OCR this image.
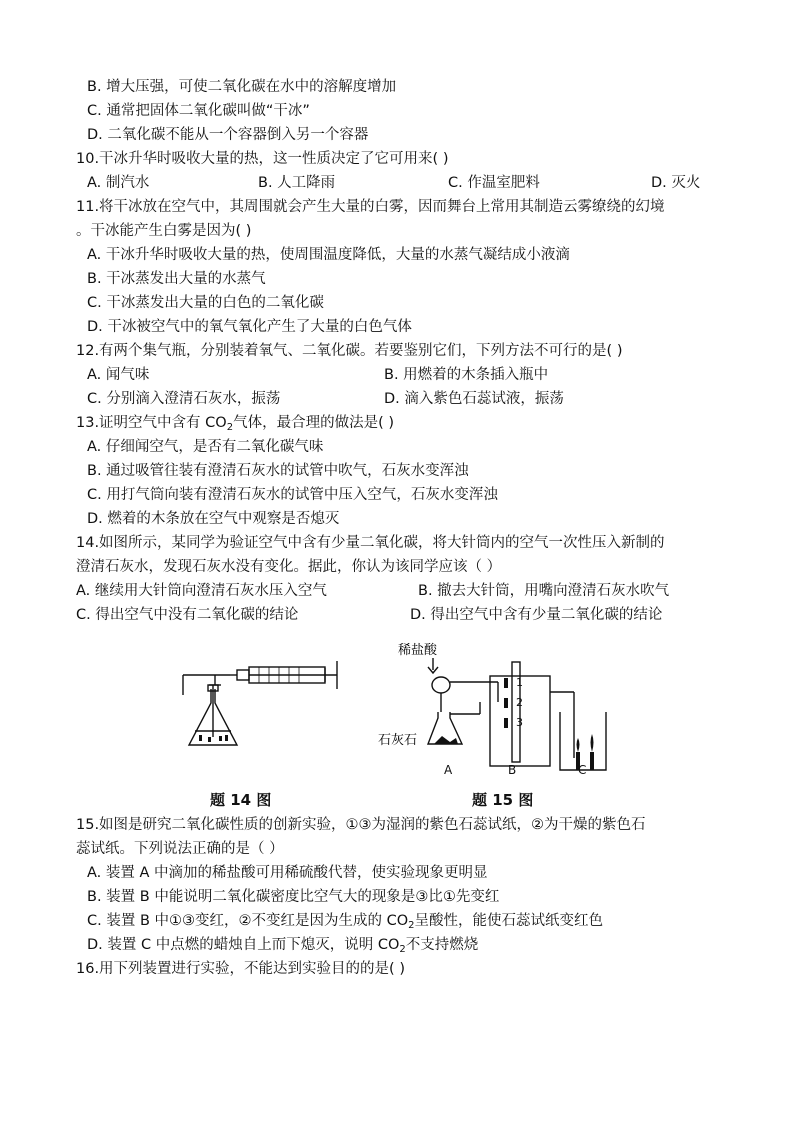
B. 增大压强，可使二氧化碳在水中的溶解度增加
C. 通常把固体二氧化碳叫做“干冰”
D. 二氧化碳不能从一个容器倒入另一个容器
10.干冰升华时吸收大量的热，这一性质决定了它可用来( )
A. 制汽水	B. 人工降雨	C. 作温室肥料	D. 灭火
11.将干冰放在空气中，其周围就会产生大量的白雾，因而舞台上常用其制造云雾缭绕的幻境
。干冰能产生白雾是因为( )
A. 干冰升华时吸收大量的热，使周围温度降低，大量的水蒸气凝结成小液滴
B. 干冰蒸发出大量的水蒸气
C. 干冰蒸发出大量的白色的二氧化碳
D. 干冰被空气中的氧气氧化产生了大量的白色气体
12.有两个集气瓶，分别装着氧气、二氧化碳。若要鉴别它们，下列方法不可行的是( )
A. 闻气味	B. 用燃着的木条插入瓶中
C. 分别滴入澄清石灰水，振荡	D. 滴入紫色石蕊试液，振荡
13.证明空气中含有 $CO_2$气体，最合理的做法是( )
A. 仔细闻空气，是否有二氧化碳气味
B. 通过吸管往装有澄清石灰水的试管中吹气，石灰水变浑浊
C. 用打气筒向装有澄清石灰水的试管中压入空气，石灰水变浑浊
D. 燃着的木条放在空气中观察是否熄灭
14.如图所示，某同学为验证空气中含有少量二氧化碳，将大针筒内的空气一次性压入新制的
澄清石灰水，发现石灰水没有变化。据此，你认为该同学应该（ ）
A. 继续用大针筒向澄清石灰水压入空气	B. 撤去大针筒，用嘴向澄清石灰水吹气
C. 得出空气中没有二氧化碳的结论	D. 得出空气中含有少量二氧化碳的结论
稀盐酸
石灰石
1
2
3
A	B	C
题 14 图	题 15 图
15.如图是研究二氧化碳性质的创新实验，①③为湿润的紫色石蕊试纸，②为干燥的紫色石
蕊试纸。下列说法正确的是（ ）
A. 装置 A 中滴加的稀盐酸可用稀硫酸代替，使实验现象更明显
B. 装置 B 中能说明二氧化碳密度比空气大的现象是③比①先变红
C. 装置 B 中①③变红，②不变红是因为生成的 $CO_2$呈酸性，能使石蕊试纸变红色
D. 装置 C 中点燃的蜡烛自上而下熄灭，说明 $CO_2$不支持燃烧
16.用下列装置进行实验，不能达到实验目的的是( )
